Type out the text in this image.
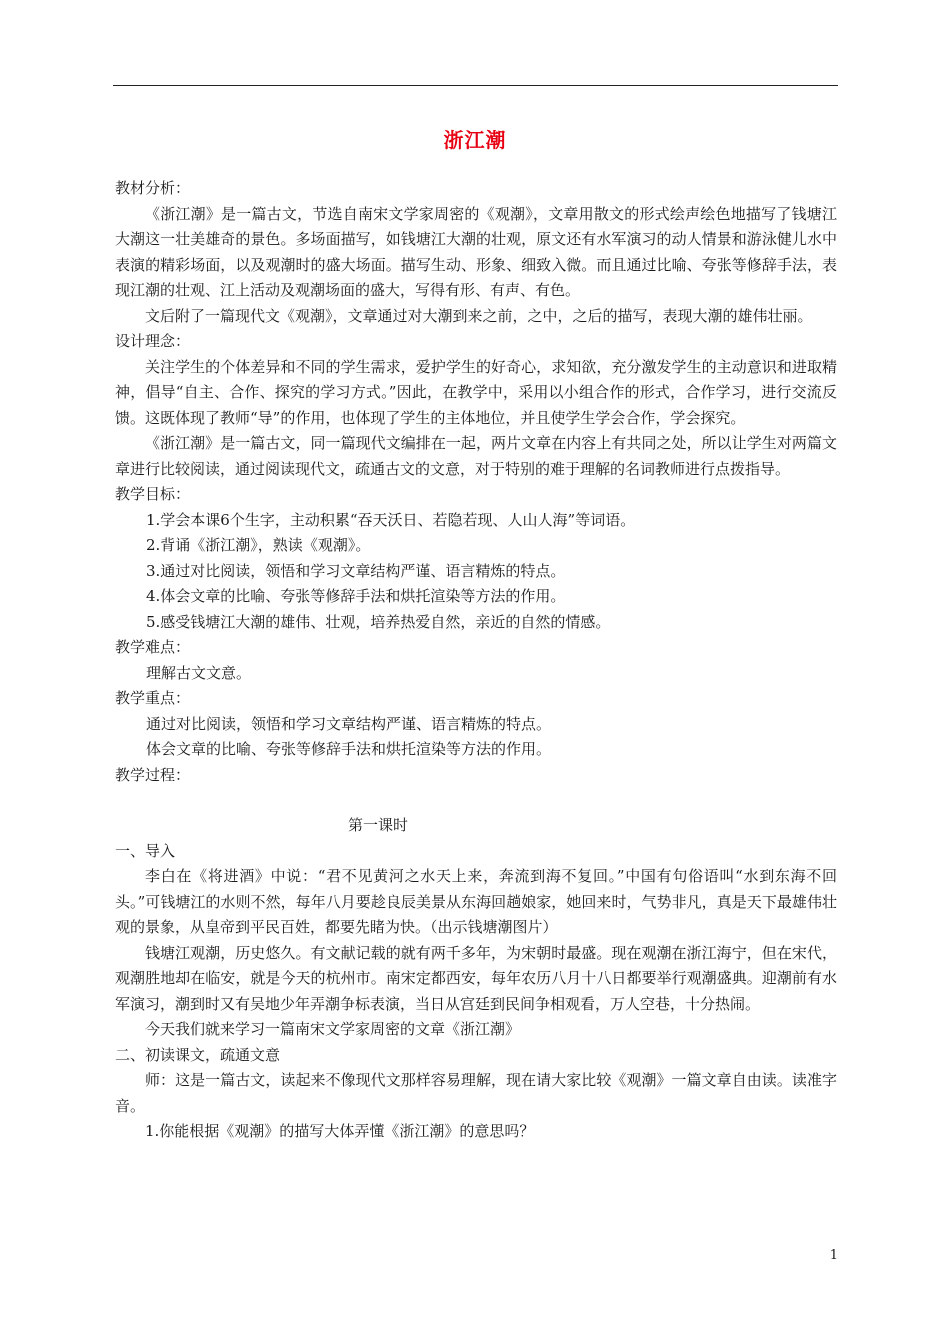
浙江潮

教材分析：

《浙江潮》是一篇古文，节选自南宋文学家周密的《观潮》，文章用散文的形式绘声绘色地描写了钱塘江大潮这一壮美雄奇的景色。多场面描写，如钱塘江大潮的壮观，原文还有水军演习的动人情景和游泳健儿水中表演的精彩场面，以及观潮时的盛大场面。描写生动、形象、细致入微。而且通过比喻、夸张等修辞手法，表现江潮的壮观、江上活动及观潮场面的盛大，写得有形、有声、有色。

文后附了一篇现代文《观潮》，文章通过对大潮到来之前，之中，之后的描写，表现大潮的雄伟壮丽。

设计理念：

关注学生的个体差异和不同的学生需求，爱护学生的好奇心，求知欲，充分激发学生的主动意识和进取精神，倡导“自主、合作、探究的学习方式。”因此，在教学中，采用以小组合作的形式，合作学习，进行交流反馈。这既体现了教师“导”的作用，也体现了学生的主体地位，并且使学生学会合作，学会探究。

《浙江潮》是一篇古文，同一篇现代文编排在一起，两片文章在内容上有共同之处，所以让学生对两篇文章进行比较阅读，通过阅读现代文，疏通古文的文意，对于特别的难于理解的名词教师进行点拨指导。

教学目标：

1.学会本课6个生字，主动积累“吞天沃日、若隐若现、人山人海”等词语。

2.背诵《浙江潮》，熟读《观潮》。

3.通过对比阅读，领悟和学习文章结构严谨、语言精炼的特点。

4.体会文章的比喻、夸张等修辞手法和烘托渲染等方法的作用。

5.感受钱塘江大潮的雄伟、壮观，培养热爱自然，亲近的自然的情感。

教学难点：

理解古文文意。

教学重点：

通过对比阅读，领悟和学习文章结构严谨、语言精炼的特点。

体会文章的比喻、夸张等修辞手法和烘托渲染等方法的作用。

教学过程：

第一课时

一、导入

李白在《将进酒》中说：“君不见黄河之水天上来，奔流到海不复回。”中国有句俗语叫“水到东海不回头。”可钱塘江的水则不然，每年八月要趁良辰美景从东海回趟娘家，她回来时，气势非凡，真是天下最雄伟壮观的景象，从皇帝到平民百姓，都要先睹为快。（出示钱塘潮图片）

钱塘江观潮，历史悠久。有文献记载的就有两千多年，为宋朝时最盛。现在观潮在浙江海宁，但在宋代，观潮胜地却在临安，就是今天的杭州市。南宋定都西安，每年农历八月十八日都要举行观潮盛典。迎潮前有水军演习，潮到时又有吴地少年弄潮争标表演，当日从宫廷到民间争相观看，万人空巷，十分热闹。

今天我们就来学习一篇南宋文学家周密的文章《浙江潮》

二、初读课文，疏通文意

师：这是一篇古文，读起来不像现代文那样容易理解，现在请大家比较《观潮》一篇文章自由读。读准字音。

1.你能根据《观潮》的描写大体弄懂《浙江潮》的意思吗？

1
